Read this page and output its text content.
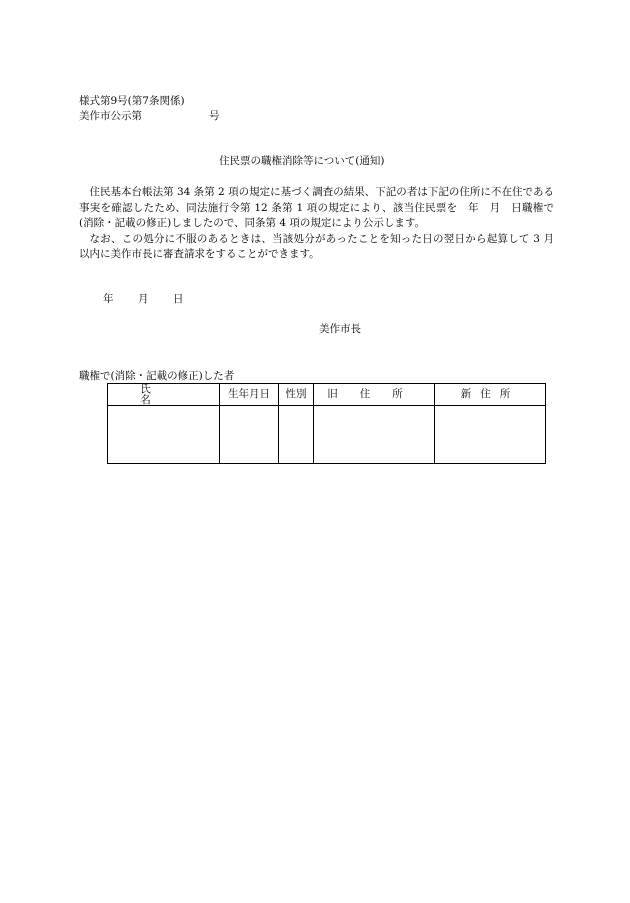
様式第9号(第7条関係)
美作市公示第	号
住民票の職権消除等について(通知)

住民基本台帳法第 34 条第 2 項の規定に基づく調査の結果、下記の者は下記の住所に不在住である事実を確認したため、同法施行令第 12 条第 1 項の規定により、該当住民票を　年　月　日職権で(消除・記載の修正)しましたので、同条第 4 項の規定により公示します。

なお、この処分に不服のあるときは、当該処分があったことを知った日の翌日から起算して 3 月以内に美作市長に審査請求をすることができます。

年 月 日
美作市長
職権で(消除・記載の修正)した者
氏名	生年月日	性別	旧住所	新住所
